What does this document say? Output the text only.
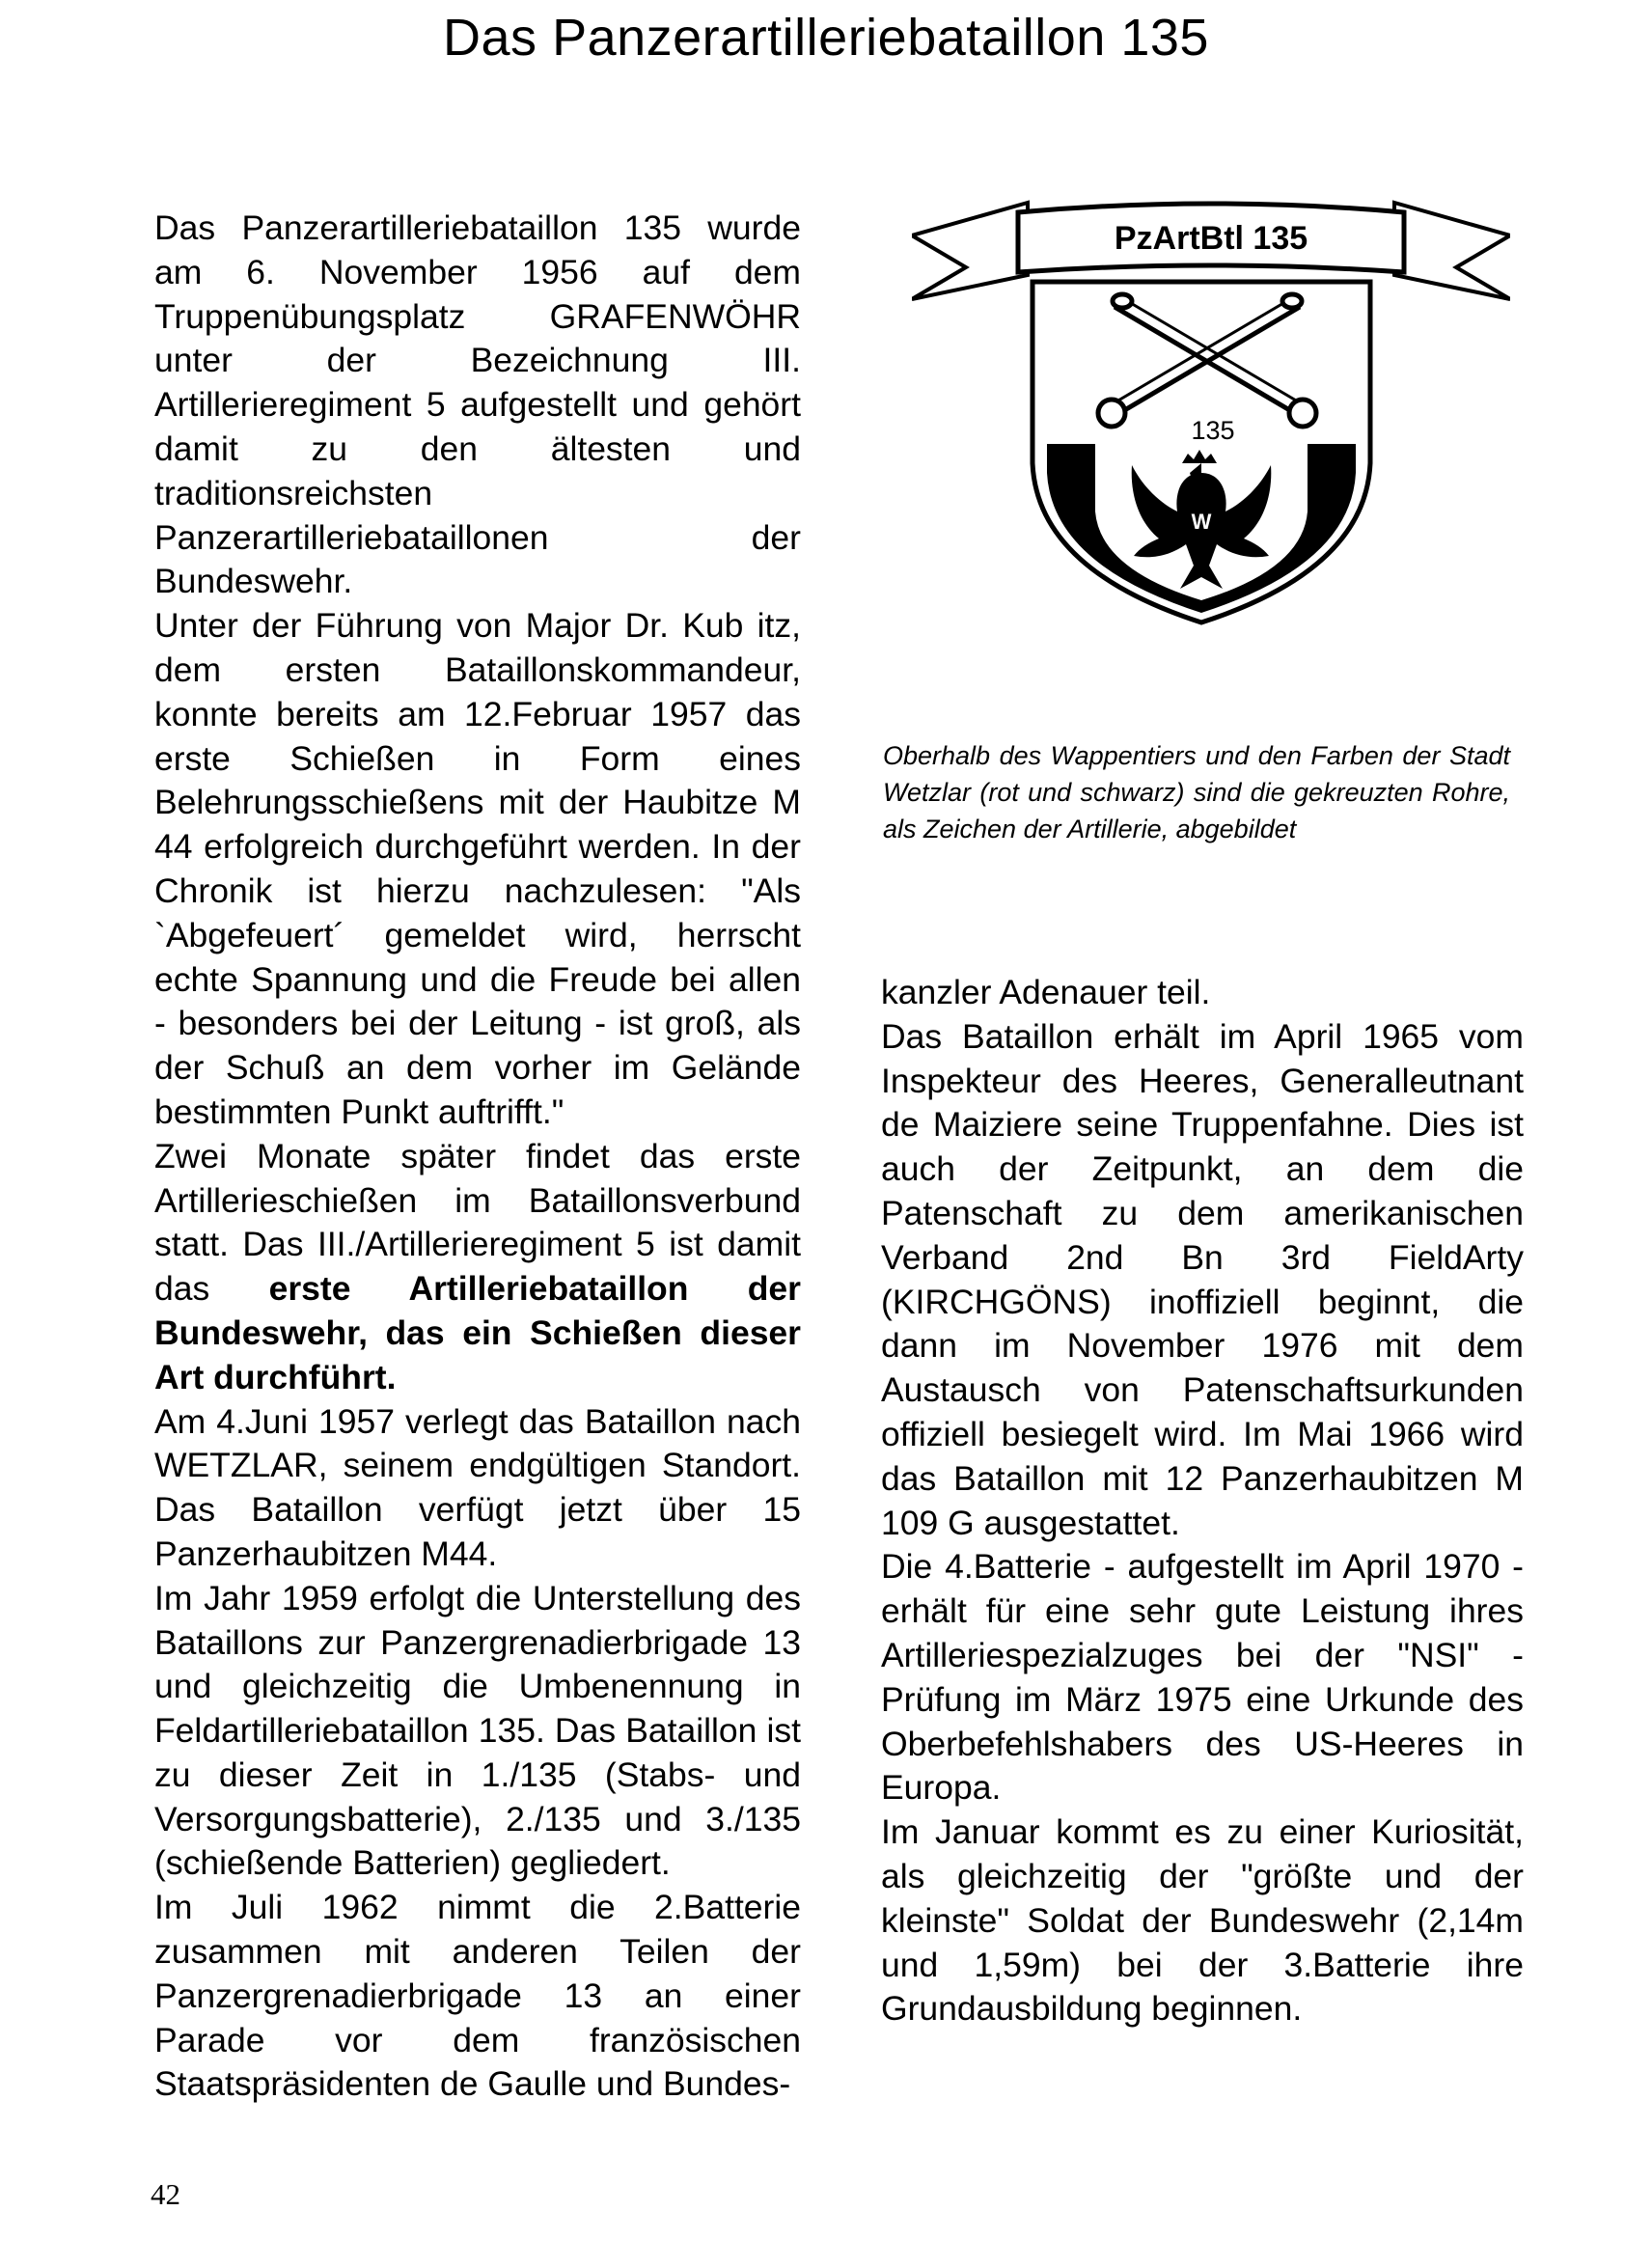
Das Panzerartilleriebataillon 135

Das Panzerartilleriebataillon 135 wurde am 6. November 1956 auf dem Truppenübungsplatz GRAFENWÖHR unter der Bezeichnung III. Artillerieregiment 5 aufgestellt und gehört damit zu den ältesten und traditionsreichsten Panzerartilleriebataillonen der Bundeswehr.

Unter der Führung von Major Dr. Kub itz, dem ersten Bataillonskommandeur, konnte bereits am 12.Februar 1957 das erste Schießen in Form eines Belehrungsschießens mit der Haubitze M 44 erfolgreich durchgeführt werden. In der Chronik ist hierzu nachzulesen: "Als `Abgefeuert´ gemeldet wird, herrscht echte Spannung und die Freude bei allen - besonders bei der Leitung - ist groß, als der Schuß an dem vorher im Gelände bestimmten Punkt auftrifft."

Zwei Monate später findet das erste Artillerieschießen im Bataillonsverbund statt. Das III./Artillerieregiment 5 ist damit das erste Artilleriebataillon der Bundeswehr, das ein Schießen dieser Art durchführt.

Am 4.Juni 1957 verlegt das Bataillon nach WETZLAR, seinem endgültigen Standort. Das Bataillon verfügt jetzt über 15 Panzerhaubitzen M44.

Im Jahr 1959 erfolgt die Unterstellung des Bataillons zur Panzergrenadierbrigade 13 und gleichzeitig die Umbenennung in Feldartilleriebataillon 135. Das Bataillon ist zu dieser Zeit in 1./135 (Stabs- und Versorgungsbatterie), 2./135 und 3./135 (schießende Batterien) gegliedert.

Im Juli 1962 nimmt die 2.Batterie zusammen mit anderen Teilen der Panzergrenadierbrigade 13 an einer Parade vor dem französischen Staatspräsidenten de Gaulle und Bundes-

PzArtBtl 135
135
W
Oberhalb des Wappentiers und den Farben der Stadt Wetzlar (rot und schwarz) sind die gekreuzten Rohre, als Zeichen der Artillerie, abgebildet

kanzler Adenauer teil.

Das Bataillon erhält im April 1965 vom Inspekteur des Heeres, Generalleutnant de Maiziere seine Truppenfahne. Dies ist auch der Zeitpunkt, an dem die Patenschaft zu dem amerikanischen Verband 2nd Bn 3rd FieldArty (KIRCHGÖNS) inoffiziell beginnt, die dann im November 1976 mit dem Austausch von Patenschaftsurkunden offiziell besiegelt wird. Im Mai 1966 wird das Bataillon mit 12 Panzerhaubitzen M 109 G ausgestattet.

Die 4.Batterie - aufgestellt im April 1970 - erhält für eine sehr gute Leistung ihres Artilleriespezialzuges bei der "NSI" -Prüfung im März 1975 eine Urkunde des Oberbefehlshabers des US-Heeres in Europa.

Im Januar kommt es zu einer Kuriosität, als gleichzeitig der "größte und der kleinste" Soldat der Bundeswehr (2,14m und 1,59m) bei der 3.Batterie ihre Grundausbildung beginnen.

42
